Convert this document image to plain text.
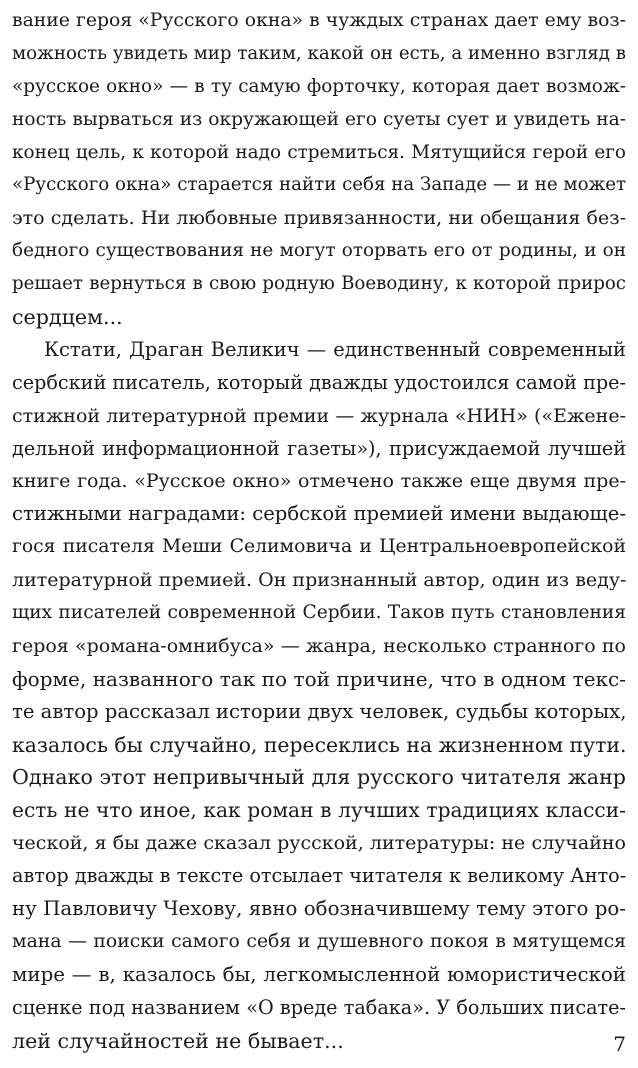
вание героя «Русского окна» в чуждых странах дает ему воз-
можность увидеть мир таким, какой он есть, а именно взгляд в
«русское окно» — в ту самую форточку, которая дает возмож-
ность вырваться из окружающей его суеты сует и увидеть на-
конец цель, к которой надо стремиться. Мятущийся герой его
«Русского окна» старается найти себя на Западе — и не может
это сделать. Ни любовные привязанности, ни обещания без-
бедного существования не могут оторвать его от родины, и он
решает вернуться в свою родную Воеводину, к которой прирос
сердцем...
Кстати, Драган Великич — единственный современный
сербский писатель, который дважды удостоился самой пре-
стижной литературной премии — журнала «НИН» («Еженe-
дельной информационной газеты»), присуждаемой лучшей
книге года. «Русское окно» отмечено также еще двумя пре-
стижными наградами: сербской премией имени выдающе-
гося писателя Меши Селимовича и Центральноевропейской
литературной премией. Он признанный автор, один из веду-
щих писателей современной Сербии. Таков путь становления
героя «романа-омнибуса» — жанра, несколько странного по
форме, названного так по той причине, что в одном текс-
те автор рассказал истории двух человек, судьбы которых,
казалось бы случайно, пересеклись на жизненном пути.
Однако этот непривычный для русского читателя жанр
есть не что иное, как роман в лучших традициях класси-
ческой, я бы даже сказал русской, литературы: не случайно
автор дважды в тексте отсылает читателя к великому Анто-
ну Павловичу Чехову, явно обозначившему тему этого ро-
мана — поиски самого себя и душевного покоя в мятущемся
мире — в, казалось бы, легкомысленной юмористической
сценке под названием «О вреде табака». У больших писате-
лей случайностей не бывает...	7
